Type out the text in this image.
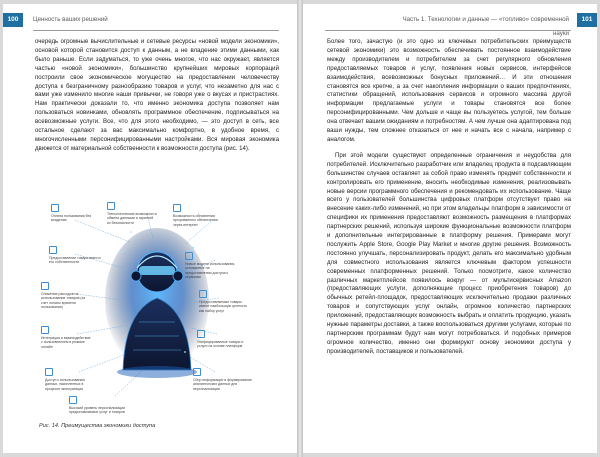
100	Ценность ваших решений

очередь огромные вычислительные и сетевые ресурсы «новой модели экономики», основой которой становится доступ к данным, а не владение этими данными, как было раньше. Если задуматься, то уже очень многое, что нас окружает, является частью «новой экономики», большинство крупнейших мировых корпораций построили свое экономическое могущество на предоставлении человечеству доступа к безграничному разнообразию товаров и услуг, что незаметно для нас с вами уже изменило многие наши привычки, не говоря уже о вкусах и пристрастиях. Нам практически доказали то, что именно экономика доступа позволяет нам пользоваться новинками, обновлять программное обеспечение, подписываться на всевозможные услуги. Все, что для этого необходимо, — это доступ в сеть, все остальное сделают за вас максимально комфортно, в удобное время, с многочисленными персонифицированными настройками. Вся мировая экономика движется от материальной собственности к возможности доступа (рис. 14).

Оплата пользования без владения

Технологические возможности обмена данными и гарантий их безопасности

Возможность обновления программного обеспечения через интернет

Предоставление товара вместо его собственности	Новые модели использования, основанные на предоставлении доступа к сервисам

Снижение расходов на использование товаров (за счет оплаты времени пользования)

Предоставляемые товары имеют наибольшую ценность как набор услуг

Интеграция и взаимодействие с пользователем в режиме онлайн

Унифицированные товары и услуги на основе платформ

Доступ к использованию данных, накопленных в процессе эксплуатации

Сбор информации и формирование аналитических данных для персонализации

Высокий уровень персонализации предоставляемых услуг и товаров
Рис. 14. Преимущества экономики доступа
Часть 1. Технологии и данные — «топливо» современной науки
101

Более того, зачастую (и это одно из ключевых потребительских преимуществ сетевой экономики) это возможность обеспечивать постоянное взаимодействие между производителем и потребителем за счет регулярного обновления предоставляемых товаров и услуг, появления новых сервисов, интерфейсов взаимодействия, всевозможных бонусных приложений… И эти отношения становятся все крепче, а за счет накопления информации о ваших предпочтениях, статистики обращений, использования сервисов и огромного массива другой информации предлагаемые услуги и товары становятся все более персонифицированными. Чем дольше и чаще вы пользуетесь услугой, тем больше она отвечает вашим ожиданиям и потребностям. А чем лучше она адаптирована под ваши нужды, тем сложнее отказаться от нее и начать все с начала, например с аналогом.

При этой модели существуют определенные ограничения и неудобства для потребителей. Исключительно разработчик или владелец продукта в подсавляющем большинстве случаев оставляет за собой право изменять предмет собственности и контролировать его применение, вносить необходимые изменения, реализовывать новые версии программного обеспечения и рекомендовать их использование. Чаще всего у пользователей большинства цифровых платформ отсутствует право на внесение каких-либо изменений, но при этом владельцы платформ в зависимости от специфики их применения предоставляют возможность размещения в платформах партнерских решений, используя широкие функциональные возможности платформ и дополнительные интегрированные в платформу решения. Примерами могут послужить Apple Store, Google Play Market и многие другие решения. Возможность постоянно улучшать, персонализировать продукт, делать его максимально удобным для совместного использования является ключевым фактором успешности современных платформенных решений. Только посмотрите, какое количество различных маркетплейсов появилось вокруг — от мультисервисных Amazon (предоставляющих услуги, дополняющие процесс приобретения товаров) до обычных ретейл-площадок, предоставляющих исключительно продажи различных товаров и сопутствующих услуг онлайн, огромное количество партнерских приложений, предоставляющих возможность выбрать и оплатить продукцию, указать нужные параметры доставки, а также воспользоваться другими услугами, которые по партнерским программам будут нам могут потребоваться. И подобных примеров огромное количество, именно они формируют основу экономики доступа у производителей, поставщиков и пользователей.
